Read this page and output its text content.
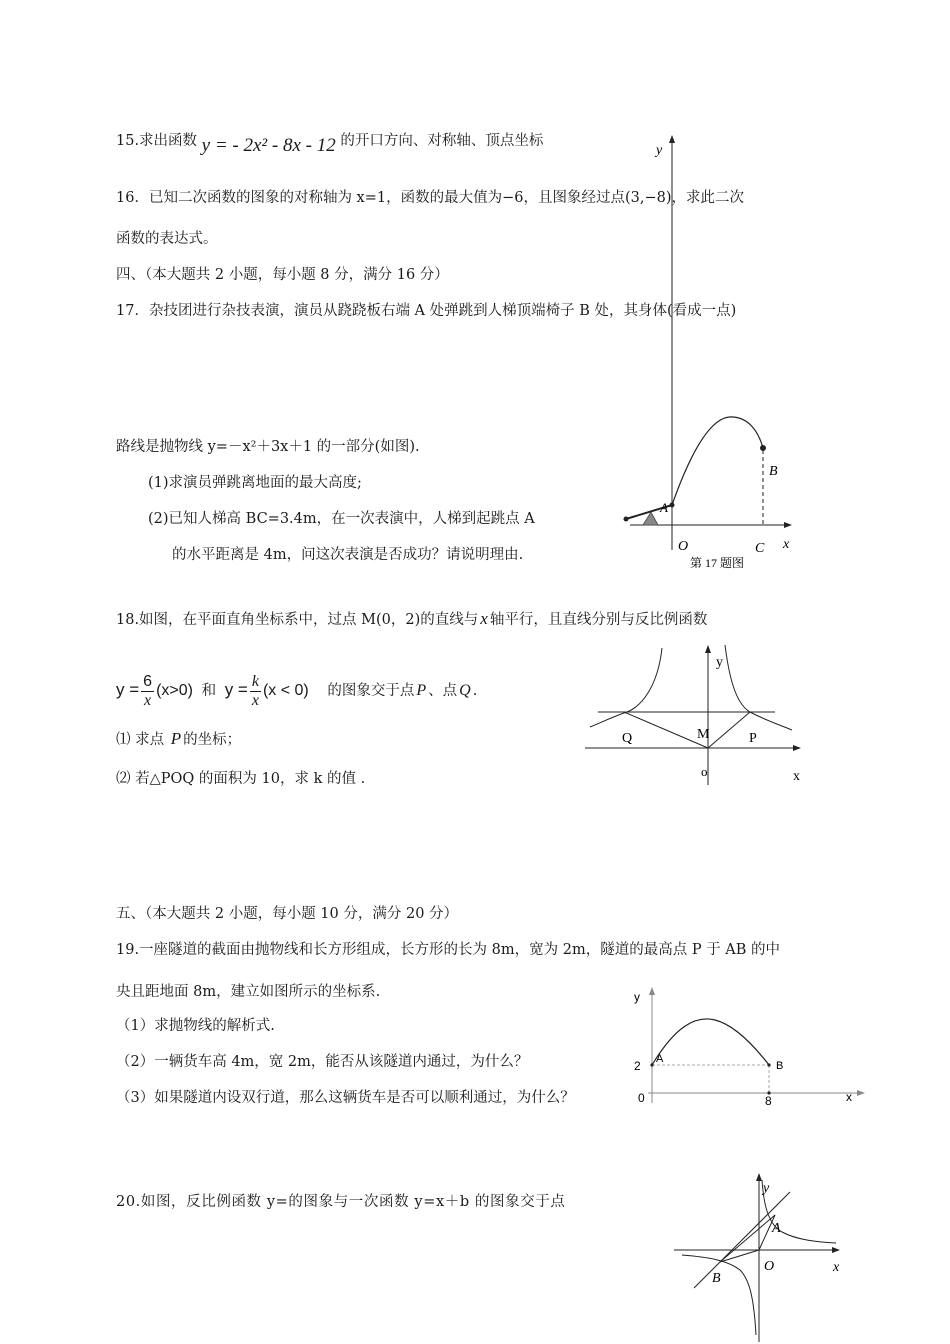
15.求出函数 y = - 2x² - 8x - 12 的开口方向、对称轴、顶点坐标
16．已知二次函数的图象的对称轴为 x=1，函数的最大值为−6，且图象经过点(3,−8)，求此二次
函数的表达式。
四、（本大题共 2 小题，每小题 8 分，满分 16 分）
17．杂技团进行杂技表演，演员从跷跷板右端 A 处弹跳到人梯顶端椅子 B 处，其身体(看成一点)
路线是抛物线 y=－x²＋3x＋1 的一部分(如图).
(1)求演员弹跳离地面的最大高度;
(2)已知人梯高 BC=3.4m，在一次表演中，人梯到起跳点 A
的水平距离是 4m，问这次表演是否成功？请说明理由.
y
A
B
O	C x
第 17 题图
18.如图，在平面直角坐标系中，过点 M(0，2)的直线与 x 轴平行，且直线分别与反比例函数
$y = \frac{6}{x} (x>0)$ 和 $y = \frac{k}{x} (x < 0)$ 的图象交于点 P 、点 Q .
⑴ 求点 P 的坐标；
⑵ 若△POQ 的面积为 10，求 k 的值 .
y
Q	M	P
o	x
五、（本大题共 2 小题，每小题 10 分，满分 20 分）
19.一座隧道的截面由抛物线和长方形组成，长方形的长为 8m，宽为 2m，隧道的最高点 P 于 AB 的中
央且距地面 8m，建立如图所示的坐标系.
（1）求抛物线的解析式.
（2）一辆货车高 4m，宽 2m，能否从该隧道内通过，为什么？
（3）如果隧道内设双行道，那么这辆货车是否可以顺利通过，为什么？
y
A
2	B
0	8	x
20.如图，反比例函数 y=的图象与一次函数 y=x＋b 的图象交于点
y
A
O	x
B
